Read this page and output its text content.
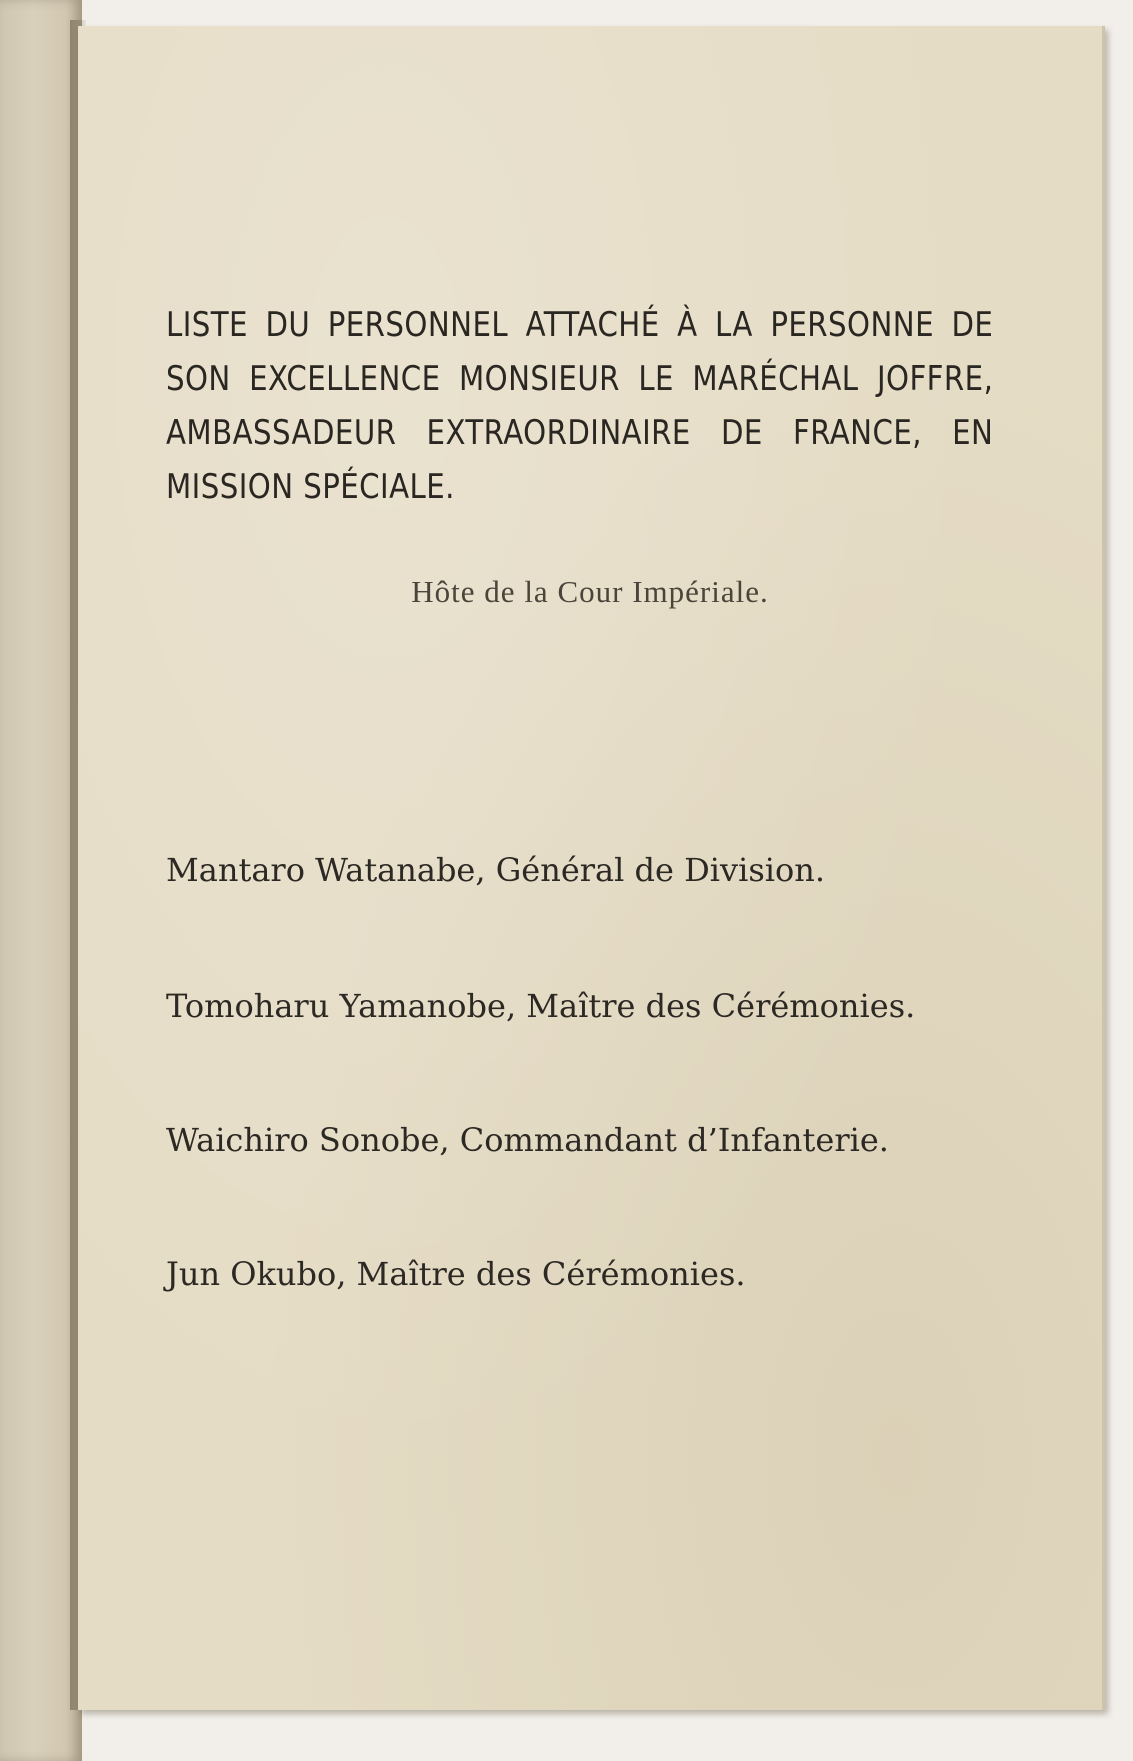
LISTE DU PERSONNEL ATTACHÉ À LA PERSONNE DE SON EXCELLENCE MONSIEUR LE MARÉCHAL JOFFRE, AMBASSADEUR EXTRAORDINAIRE DE FRANCE, EN MISSION SPÉCIALE.

Hôte de la Cour Impériale.

Mantaro Watanabe, Général de Division.
Tomoharu Yamanobe, Maître des Cérémonies.
Waichiro Sonobe, Commandant d’Infanterie.
Jun Okubo, Maître des Cérémonies.
